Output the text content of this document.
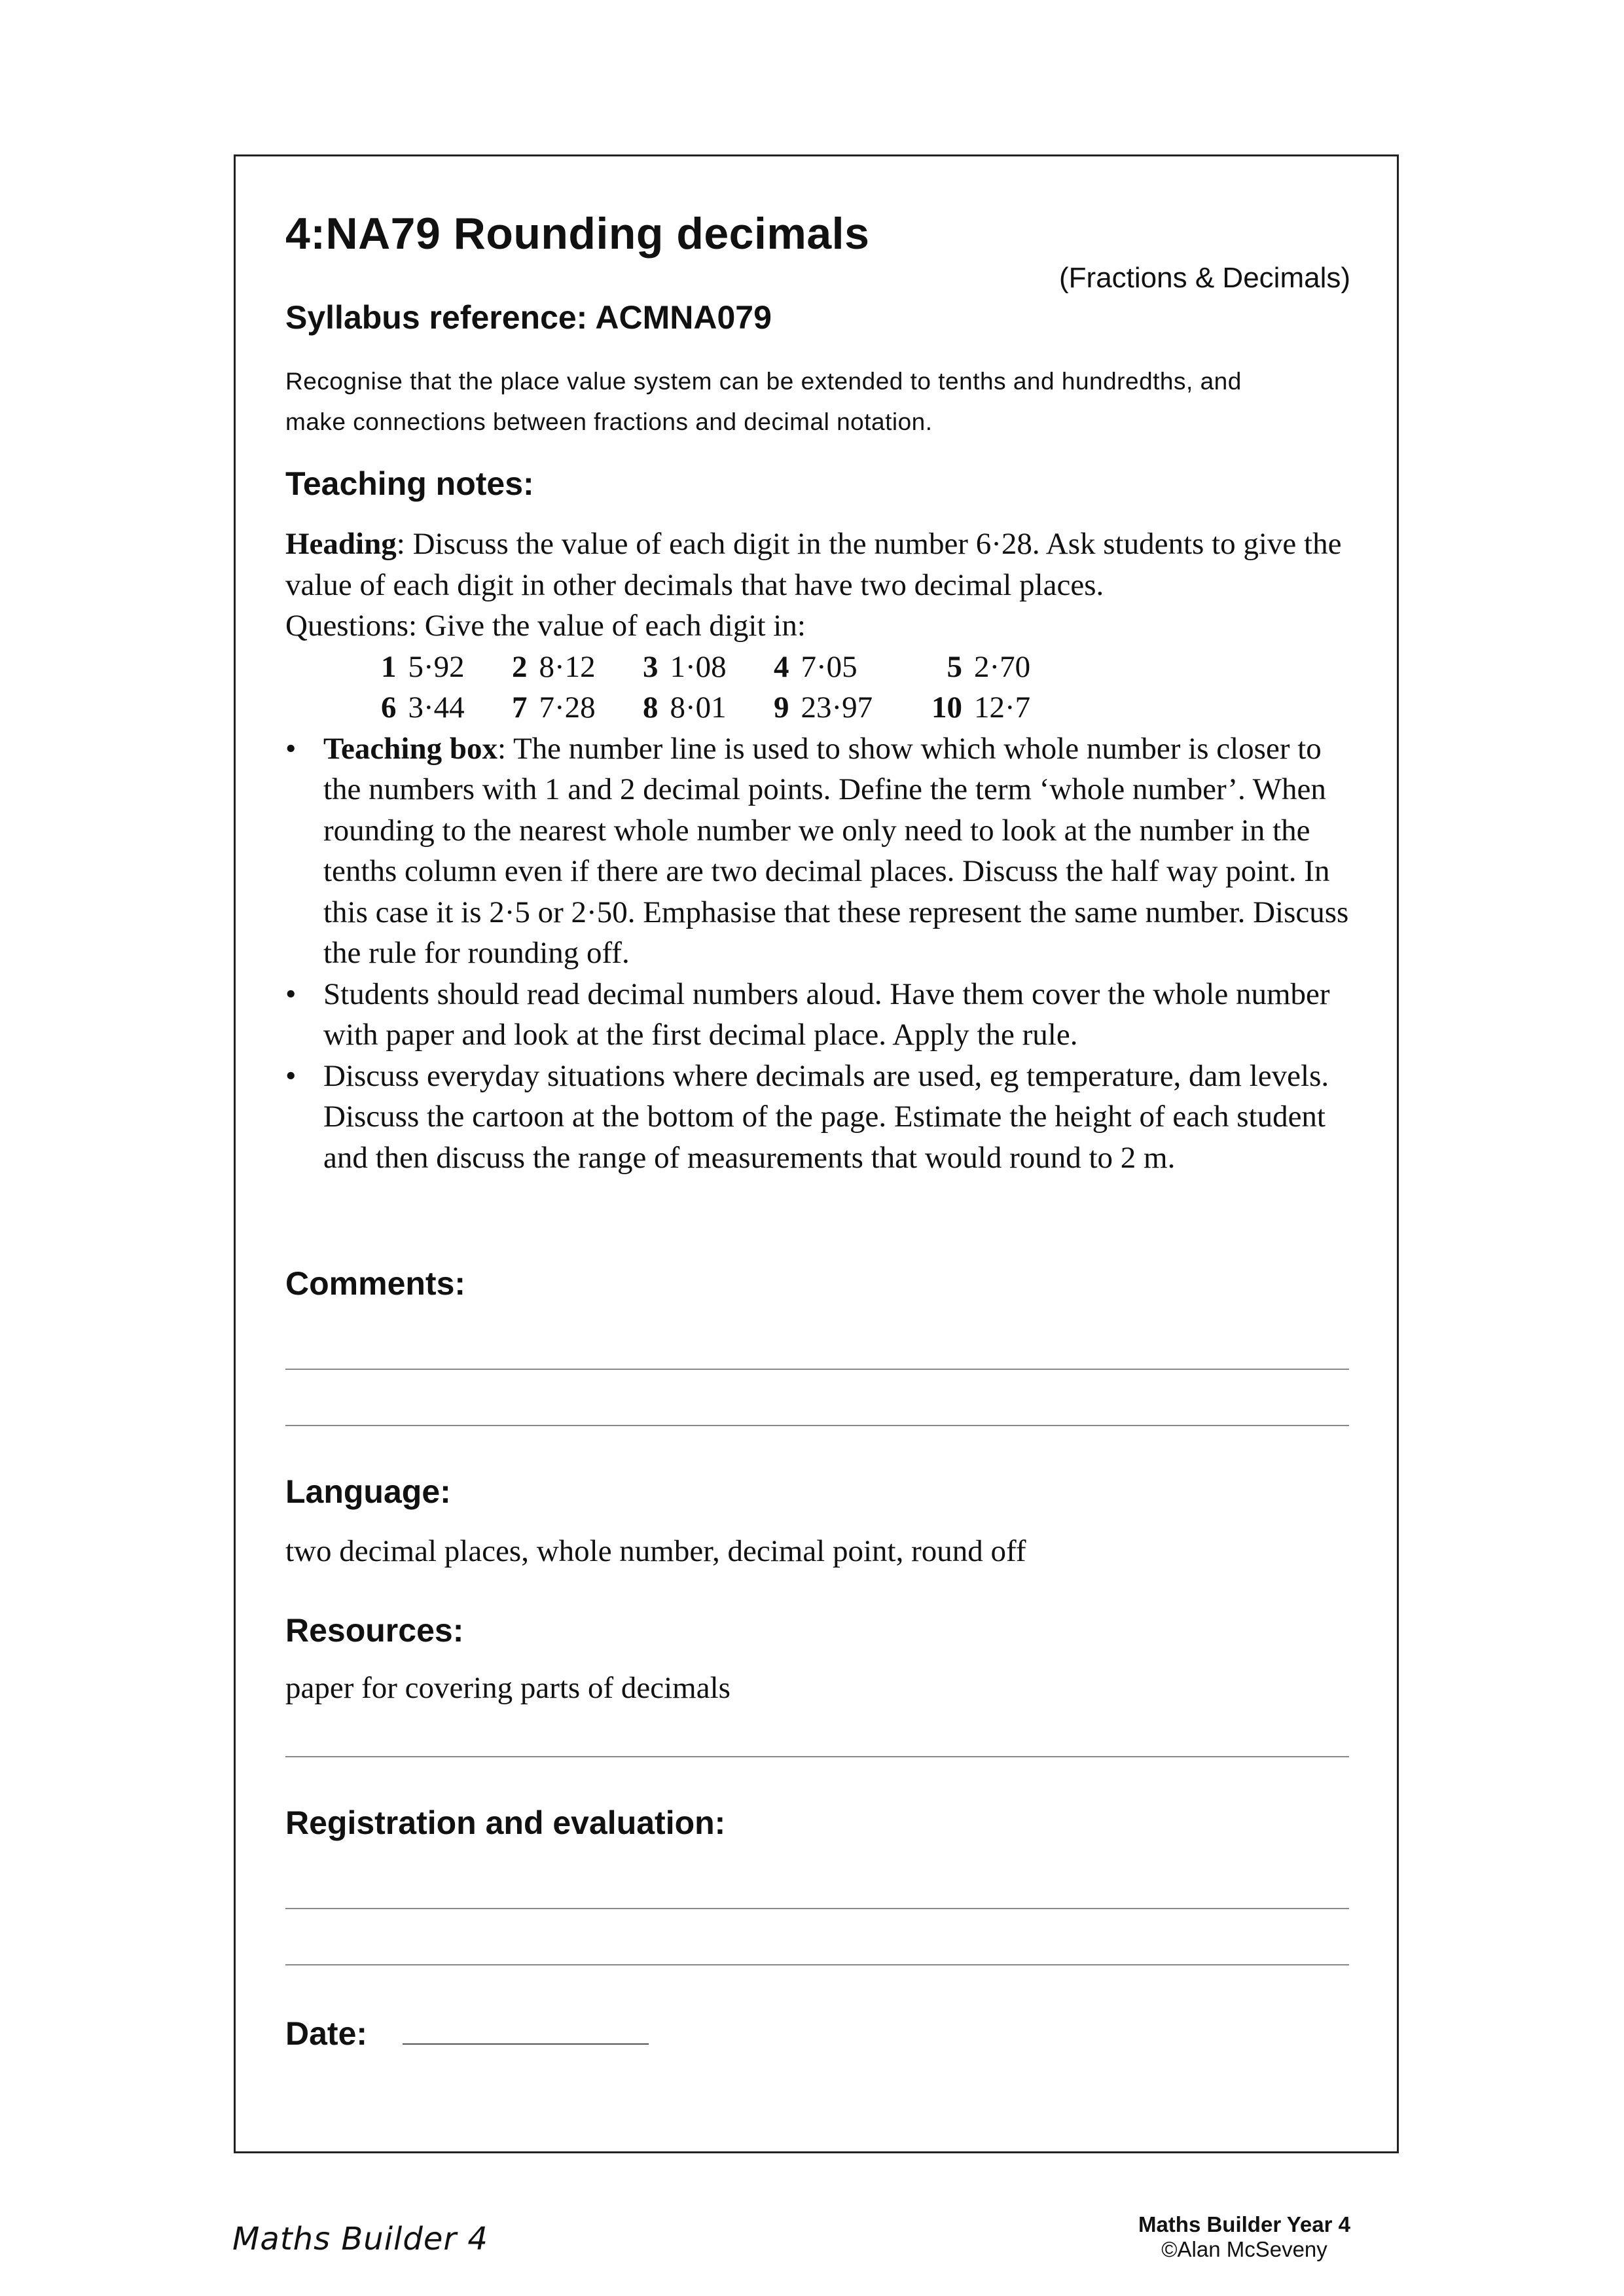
4:NA79 Rounding decimals
(Fractions & Decimals)
Syllabus reference: ACMNA079
Recognise that the place value system can be extended to tenths and hundredths, and
make connections between fractions and decimal notation.
Teaching notes:

Heading: Discuss the value of each digit in the number 6·28. Ask students to give the value of each digit in other decimals that have two decimal places.

Questions: Give the value of each digit in:

1 5·92 2 8·12 3 1·08 4 7·05	5 2·70
6 3·44 7 7·28 8 8·01 9 23·97 10 12·7
• Teaching box: The number line is used to show which whole number is closer to the numbers with 1 and 2 decimal points. Define the term ‘whole number’. When rounding to the nearest whole number we only need to look at the number in the tenths column even if there are two decimal places. Discuss the half way point. In this case it is 2·5 or 2·50. Emphasise that these represent the same number. Discuss the rule for rounding off.
• Students should read decimal numbers aloud. Have them cover the whole number with paper and look at the first decimal place. Apply the rule.
• Discuss everyday situations where decimals are used, eg temperature, dam levels. Discuss the cartoon at the bottom of the page. Estimate the height of each student and then discuss the range of measurements that would round to 2 m.
Comments:
Language:
two decimal places, whole number, decimal point, round off
Resources:
paper for covering parts of decimals
Registration and evaluation:
Date:
Maths Builder 4	Maths Builder Year 4
©Alan McSeveny
